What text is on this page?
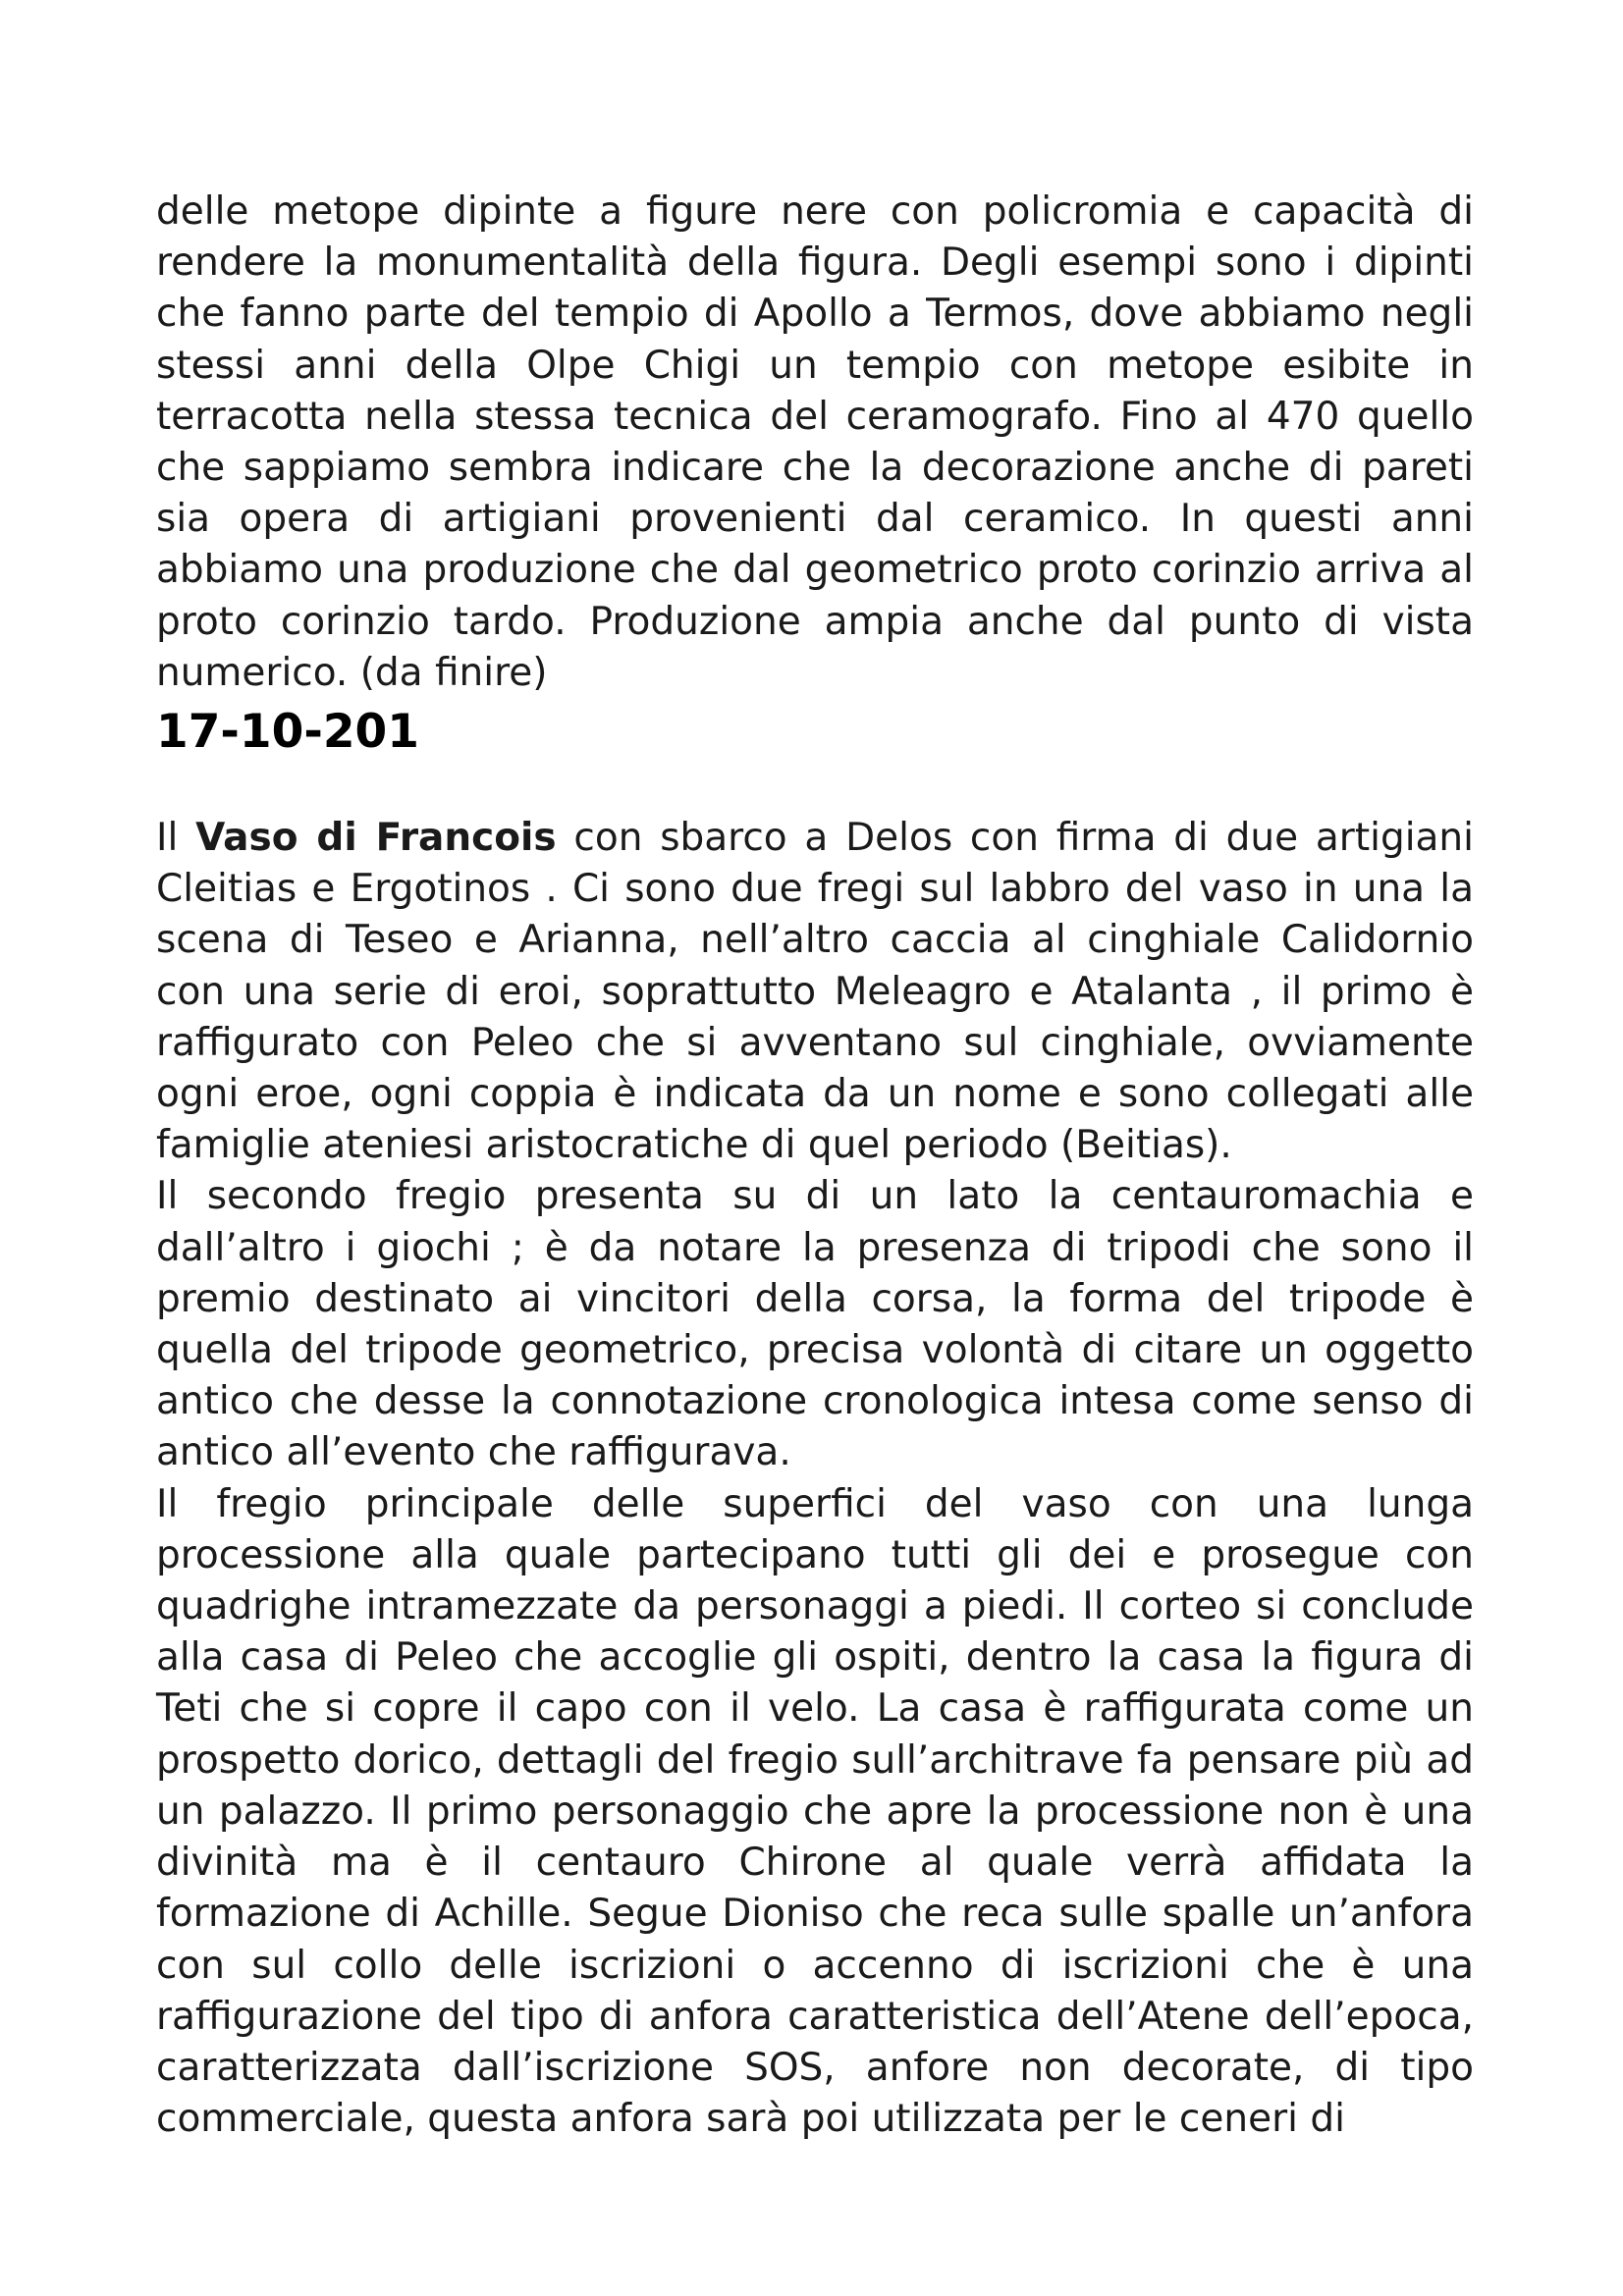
delle metope dipinte a figure nere con policromia e capacità di rendere la monumentalità della figura. Degli esempi sono i dipinti che fanno parte del tempio di Apollo a Termos, dove abbiamo negli stessi anni della Olpe Chigi un tempio con metope esibite in terracotta nella stessa tecnica del ceramografo. Fino al 470 quello che sappiamo sembra indicare che la decorazione anche di pareti sia opera di artigiani provenienti dal ceramico. In questi anni abbiamo una produzione che dal geometrico proto corinzio arriva al proto corinzio tardo. Produzione ampia anche dal punto di vista numerico. (da finire)

17-10-201

Il Vaso di Francois con sbarco a Delos con firma di due artigiani Cleitias e Ergotinos . Ci sono due fregi sul labbro del vaso in una la scena di Teseo e Arianna, nell’altro caccia al cinghiale Calidornio con una serie di eroi, soprattutto Meleagro e Atalanta , il primo è raffigurato con Peleo che si avventano sul cinghiale, ovviamente ogni eroe, ogni coppia è indicata da un nome e sono collegati alle famiglie ateniesi aristocratiche di quel periodo (Beitias).

Il secondo fregio presenta su di un lato la centauromachia e dall’altro i giochi ; è da notare la presenza di tripodi che sono il premio destinato ai vincitori della corsa, la forma del tripode è quella del tripode geometrico, precisa volontà di citare un oggetto antico che desse la connotazione cronologica intesa come senso di antico all’evento che raffigurava.

Il fregio principale delle superfici del vaso con una lunga processione alla quale partecipano tutti gli dei e prosegue con quadrighe intramezzate da personaggi a piedi. Il corteo si conclude alla casa di Peleo che accoglie gli ospiti, dentro la casa la figura di Teti che si copre il capo con il velo. La casa è raffigurata come un prospetto dorico, dettagli del fregio sull’architrave fa pensare più ad un palazzo. Il primo personaggio che apre la processione non è una divinità ma è il centauro Chirone al quale verrà affidata la formazione di Achille. Segue Dioniso che reca sulle spalle un’anfora con sul collo delle iscrizioni o accenno di iscrizioni che è una raffigurazione del tipo di anfora caratteristica dell’Atene dell’epoca, caratterizzata dall’iscrizione SOS, anfore non decorate, di tipo commerciale, questa anfora sarà poi utilizzata per le ceneri di
